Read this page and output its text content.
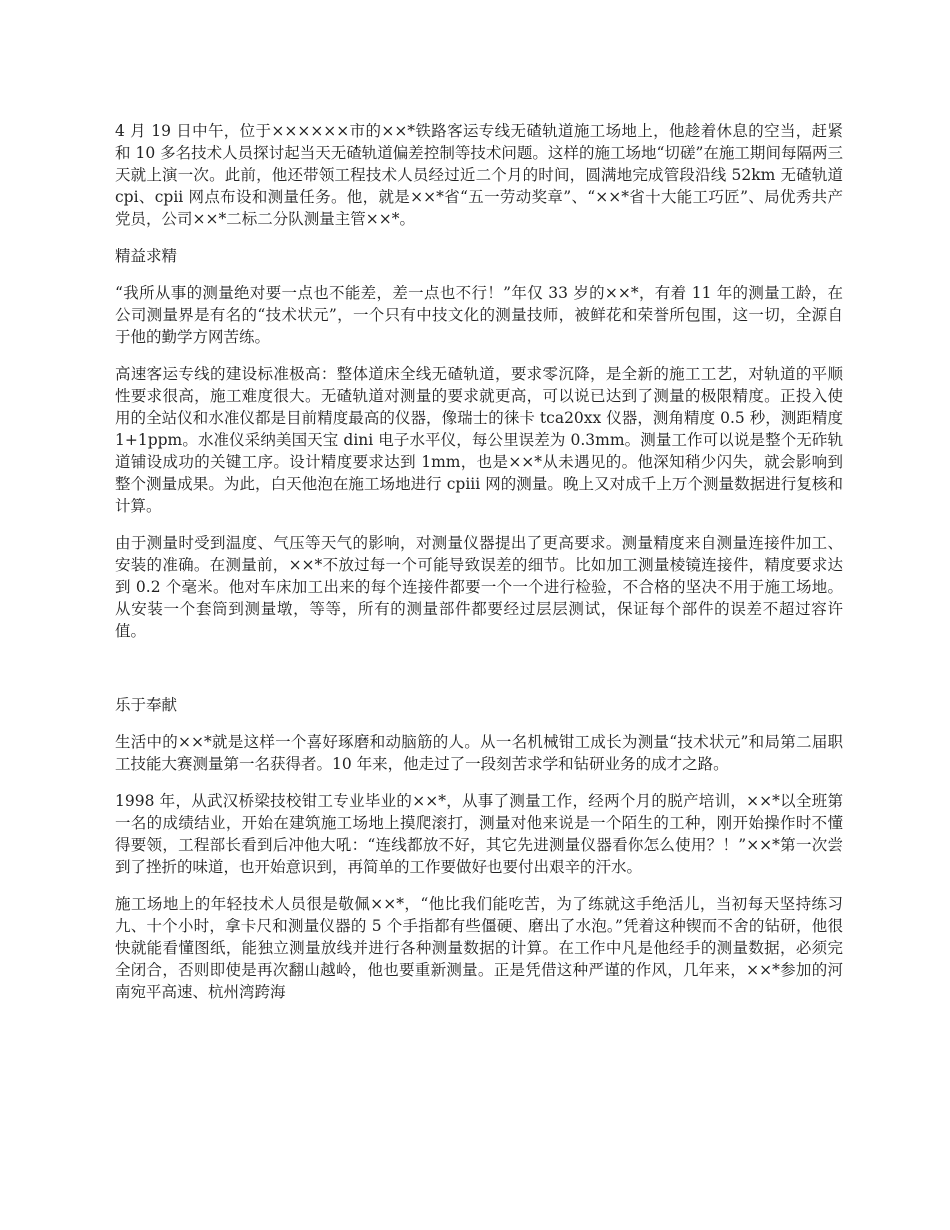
4 月 19 日中午，位于××××××市的××*铁路客运专线无碴轨道施工场地上，他趁着休息的空当，赶紧和 10 多名技术人员探讨起当天无碴轨道偏差控制等技术问题。这样的施工场地“切磋”在施工期间每隔两三天就上演一次。此前，他还带领工程技术人员经过近二个月的时间，圆满地完成管段沿线 52km 无碴轨道 cpi、cpii 网点布设和测量任务。他，就是××*省“五一劳动奖章”、“××*省十大能工巧匠”、局优秀共产党员，公司××*二标二分队测量主管××*。

精益求精

“我所从事的测量绝对要一点也不能差，差一点也不行！”年仅 33 岁的××*，有着 11 年的测量工龄，在公司测量界是有名的“技术状元”，一个只有中技文化的测量技师，被鲜花和荣誉所包围，这一切，全源自于他的勤学方网苦练。

高速客运专线的建设标准极高：整体道床全线无碴轨道，要求零沉降，是全新的施工工艺，对轨道的平顺性要求很高，施工难度很大。无碴轨道对测量的要求就更高，可以说已达到了测量的极限精度。正投入使用的全站仪和水准仪都是目前精度最高的仪器，像瑞士的徕卡 tca20xx 仪器，测角精度 0.5 秒，测距精度 1+1ppm。水准仪采纳美国天宝 dini 电子水平仪，每公里误差为 0.3mm。测量工作可以说是整个无砟轨道铺设成功的关键工序。设计精度要求达到 1mm，也是××*从未遇见的。他深知稍少闪失，就会影响到整个测量成果。为此，白天他泡在施工场地进行 cpiii 网的测量。晚上又对成千上万个测量数据进行复核和计算。

由于测量时受到温度、气压等天气的影响，对测量仪器提出了更高要求。测量精度来自测量连接件加工、安装的准确。在测量前，××*不放过每一个可能导致误差的细节。比如加工测量棱镜连接件，精度要求达到 0.2 个毫米。他对车床加工出来的每个连接件都要一个一个进行检验，不合格的坚决不用于施工场地。从安装一个套筒到测量墩，等等，所有的测量部件都要经过层层测试，保证每个部件的误差不超过容许值。

乐于奉献

生活中的××*就是这样一个喜好琢磨和动脑筋的人。从一名机械钳工成长为测量“技术状元”和局第二届职工技能大赛测量第一名获得者。10 年来，他走过了一段刻苦求学和钻研业务的成才之路。

1998 年，从武汉桥梁技校钳工专业毕业的××*，从事了测量工作，经两个月的脱产培训，××*以全班第一名的成绩结业，开始在建筑施工场地上摸爬滚打，测量对他来说是一个陌生的工种，刚开始操作时不懂得要领，工程部长看到后冲他大吼：“连线都放不好，其它先进测量仪器看你怎么使用？！”××*第一次尝到了挫折的味道，也开始意识到，再简单的工作要做好也要付出艰辛的汗水。

施工场地上的年轻技术人员很是敬佩××*，“他比我们能吃苦，为了练就这手绝活儿，当初每天坚持练习九、十个小时，拿卡尺和测量仪器的 5 个手指都有些僵硬、磨出了水泡。”凭着这种锲而不舍的钻研，他很快就能看懂图纸，能独立测量放线并进行各种测量数据的计算。在工作中凡是他经手的测量数据，必须完全闭合，否则即使是再次翻山越岭，他也要重新测量。正是凭借这种严谨的作风，几年来，××*参加的河南宛平高速、杭州湾跨海
